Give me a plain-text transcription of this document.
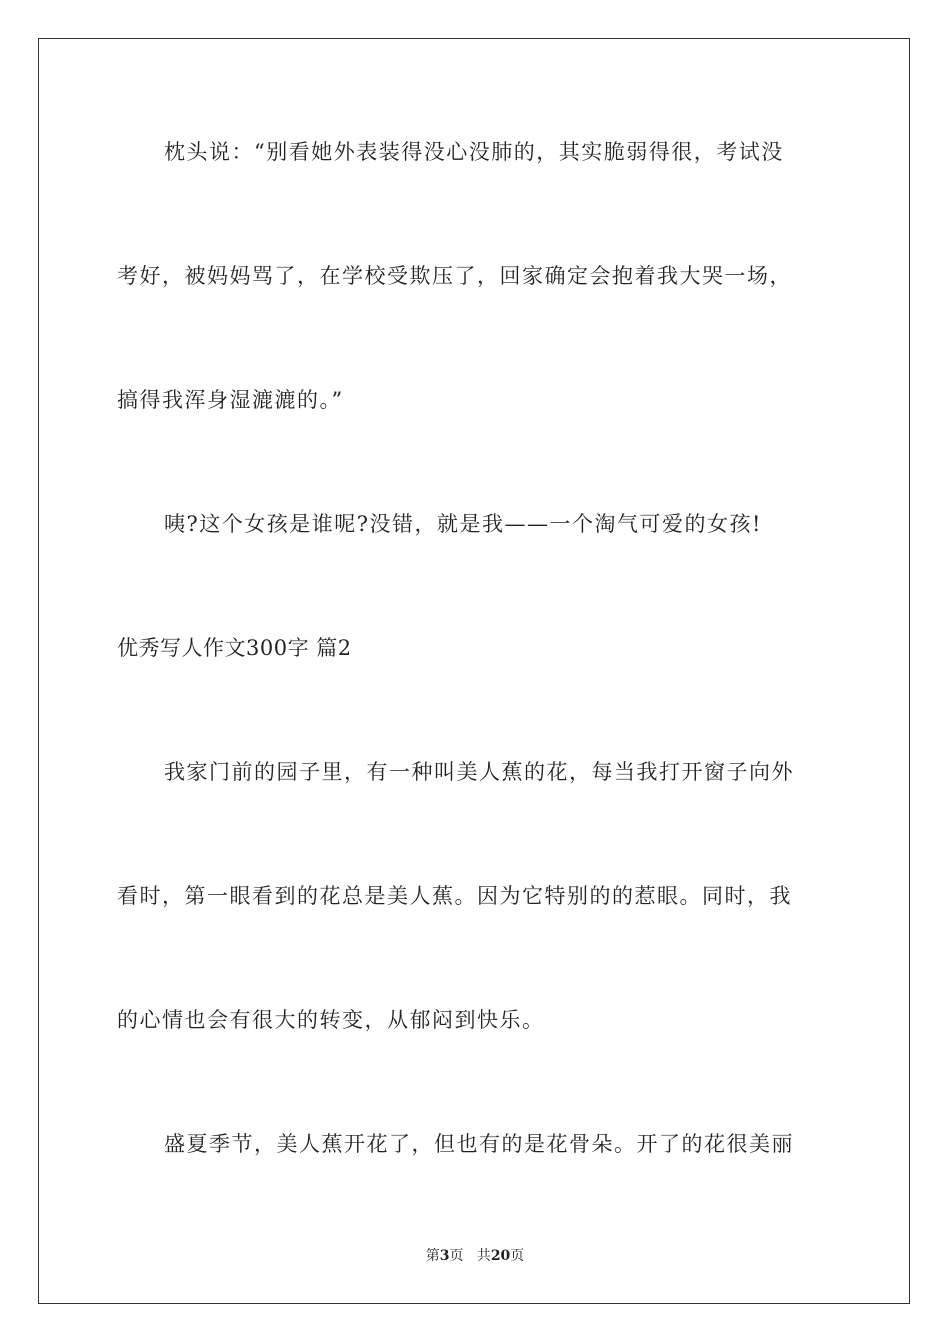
枕头说：“别看她外表装得没心没肺的，其实脆弱得很，考试没
考好，被妈妈骂了，在学校受欺压了，回家确定会抱着我大哭一场，
搞得我浑身湿漉漉的。”
咦?这个女孩是谁呢?没错，就是我——一个淘气可爱的女孩!
优秀写人作文300字 篇2
我家门前的园子里，有一种叫美人蕉的花，每当我打开窗子向外
看时，第一眼看到的花总是美人蕉。因为它特别的的惹眼。同时，我
的心情也会有很大的转变，从郁闷到快乐。
盛夏季节，美人蕉开花了，但也有的是花骨朵。开了的花很美丽
第3页 共20页
